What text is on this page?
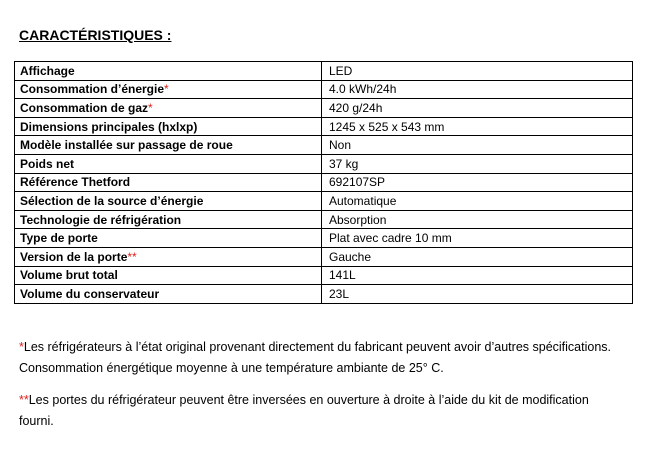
CARACTÉRISTIQUES :
Affichage	LED
Consommation d’énergie*	4.0 kWh/24h
Consommation de gaz*	420 g/24h
Dimensions principales (hxlxp)	1245 x 525 x 543 mm
Modèle installée sur passage de roue	Non
Poids net	37 kg
Référence Thetford	692107SP
Sélection de la source d’énergie	Automatique
Technologie de réfrigération	Absorption
Type de porte	Plat avec cadre 10 mm
Version de la porte**	Gauche
Volume brut total	141L
Volume du conservateur	23L

*Les réfrigérateurs à l’état original provenant directement du fabricant peuvent avoir d’autres spécifications. Consommation énergétique moyenne à une température ambiante de 25° C.

**Les portes du réfrigérateur peuvent être inversées en ouverture à droite à l’aide du kit de modification fourni.
